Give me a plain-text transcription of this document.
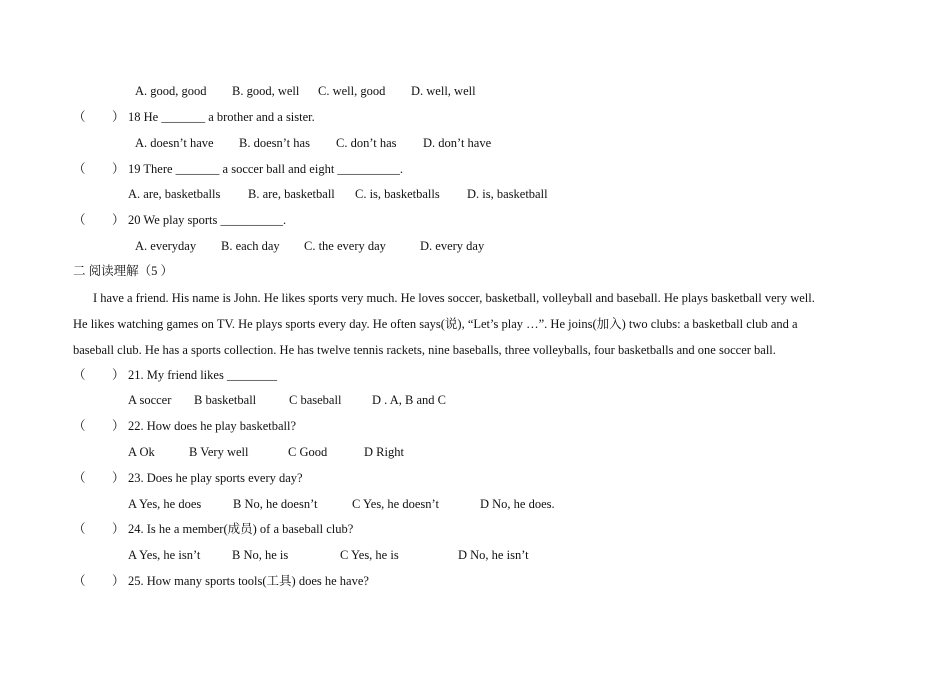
A. good, good B. good, well C. well, good D. well, well
（ ） 18 He _______ a brother and a sister.
A. doesn’t have B. doesn’t has C. don’t has D. don’t have
（ ） 19 There _______ a soccer ball and eight __________.
A. are, basketballs B. are, basketball C. is, basketballs D. is, basketball
（ ） 20 We play sports __________.
A. everyday B. each day C. the every day	D. every day
二 阅读理解（5 ）
I have a friend. His name is John. He likes sports very much. He loves soccer, basketball, volleyball and baseball. He plays basketball very well.
He likes watching games on TV. He plays sports every day. He often says(说), “Let’s play …”. He joins(加入) two clubs: a basketball club and a
baseball club. He has a sports collection. He has twelve tennis rackets, nine baseballs, three volleyballs, four basketballs and one soccer ball.
（ ） 21. My friend likes ________
A soccer B basketball	C baseball D . A, B and C
（ ） 22. How does he play basketball?
A Ok	B Very well	C Good	D Right
（ ） 23. Does he play sports every day?
A Yes, he does	B No, he doesn’t	C Yes, he doesn’t	D No, he does.
（ ） 24. Is he a member(成员) of a baseball club?
A Yes, he isn’t	B No, he is	C Yes, he is	D No, he isn’t
（ ） 25. How many sports tools(工具) does he have?
